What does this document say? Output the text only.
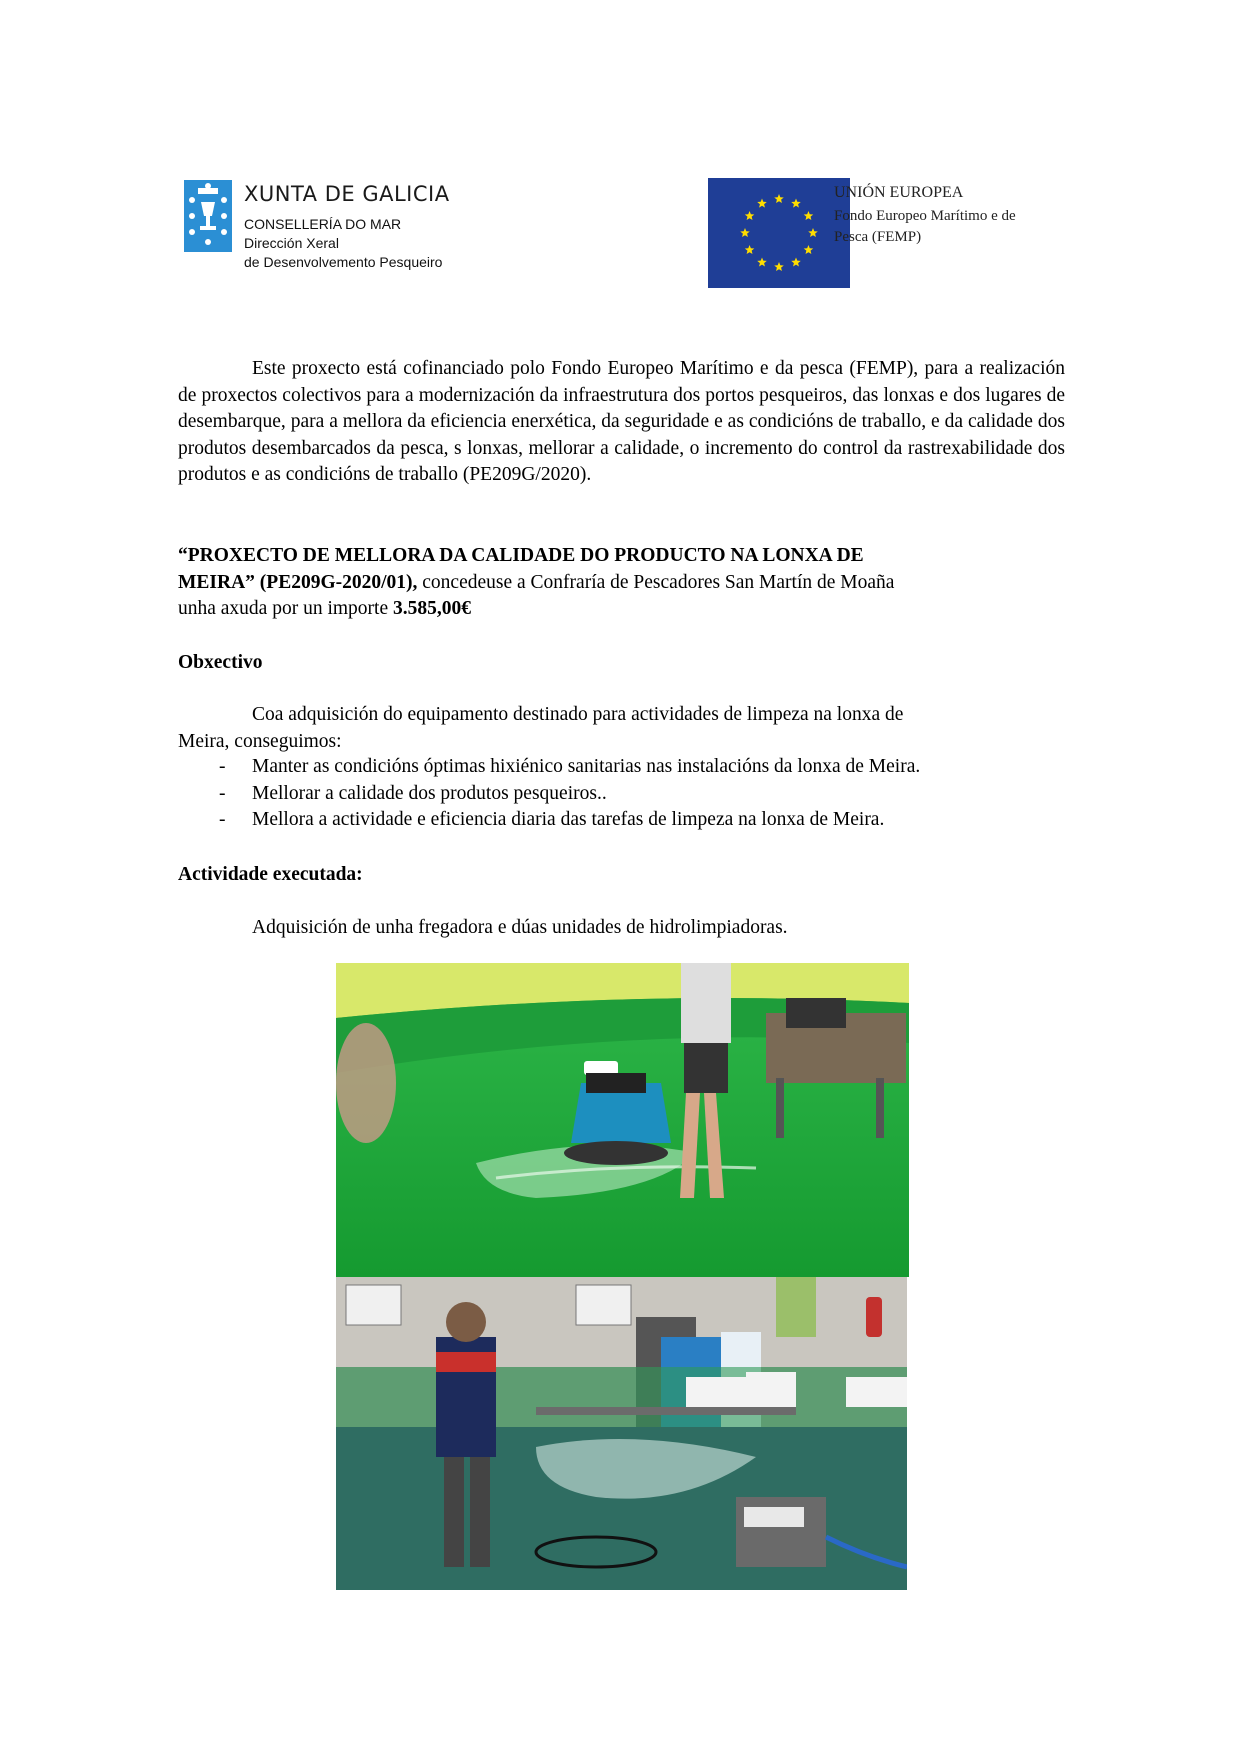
XUNTA DE GALICIA
CONSELLERÍA DO MAR
Dirección Xeral
de Desenvolvemento Pesqueiro
UNIÓN EUROPEA
Fondo Europeo Marítimo e de
Pesca (FEMP)
Este proxecto está cofinanciado polo Fondo Europeo Marítimo e da pesca (FEMP), para a realización de proxectos colectivos para a modernización da infraestrutura dos portos pesqueiros, das lonxas e dos lugares de desembarque, para a mellora da eficiencia enerxética, da seguridade e as condicións de traballo, e da calidade dos produtos desembarcados da pesca, s lonxas, mellorar a calidade, o incremento do control da rastrexabilidade dos produtos e as condicións de traballo (PE209G/2020).
“PROXECTO DE MELLORA DA CALIDADE DO PRODUCTO NA LONXA DE
MEIRA” (PE209G-2020/01), concedeuse a Confraría de Pescadores San Martín de Moaña
unha axuda por un importe 3.585,00€
Obxectivo
Coa adquisición do equipamento destinado para actividades de limpeza na lonxa de
Meira, conseguimos:
- Manter as condicións óptimas hixiénico sanitarias nas instalacións da lonxa de Meira.
- Mellorar a calidade dos produtos pesqueiros..
- Mellora a actividade e eficiencia diaria das tarefas de limpeza na lonxa de Meira.
Actividade executada:
Adquisición de unha fregadora e dúas unidades de hidrolimpiadoras.
